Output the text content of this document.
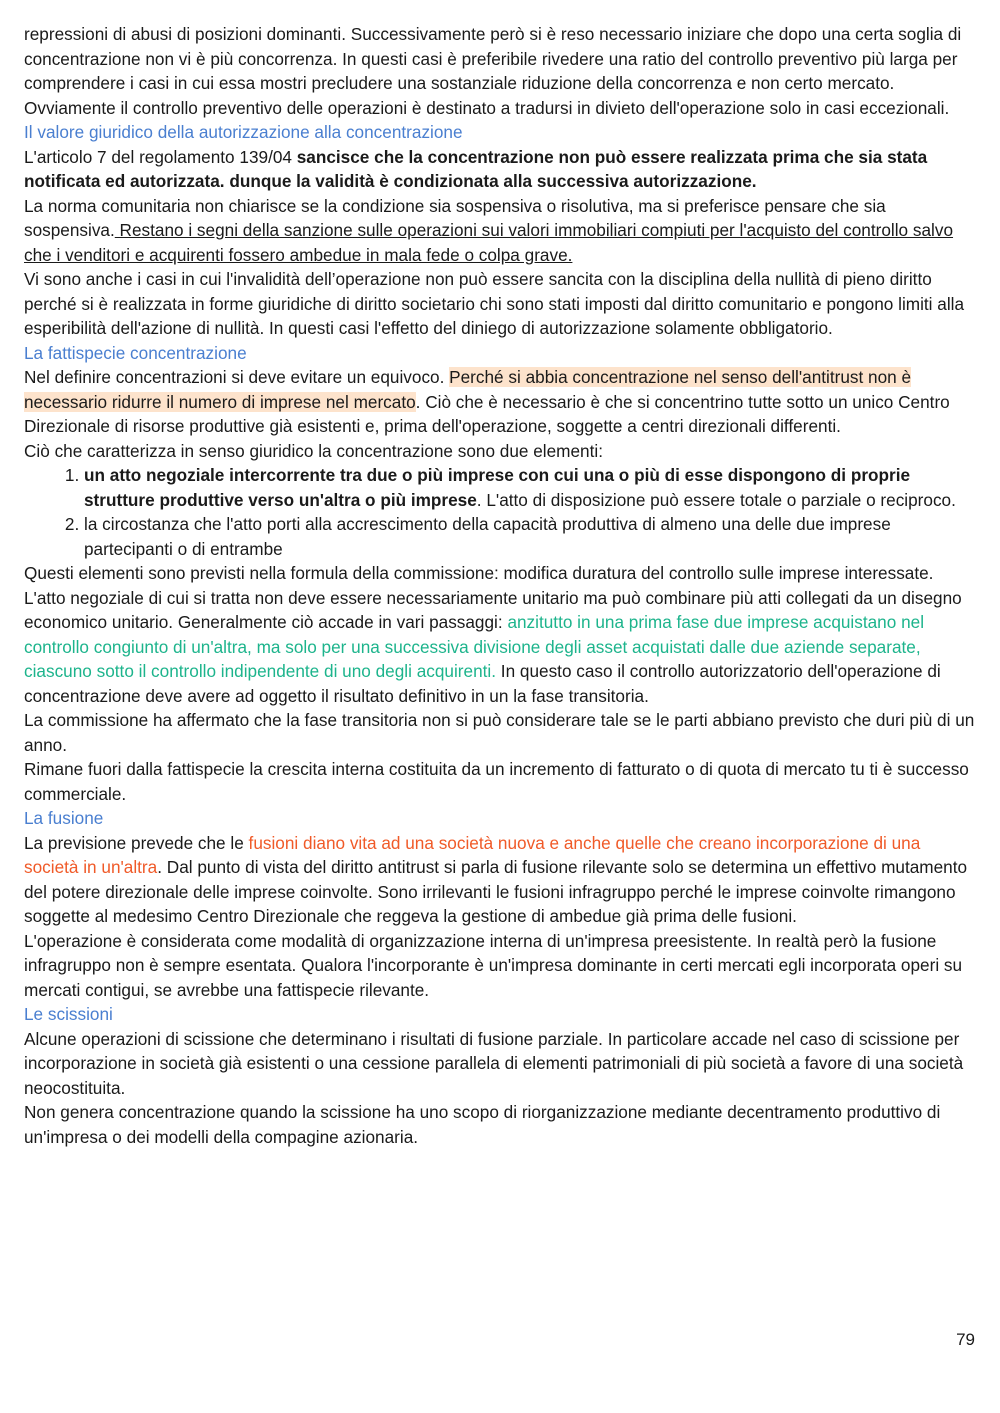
repressioni di abusi di posizioni dominanti. Successivamente però si è reso necessario iniziare che dopo una certa soglia di concentrazione non vi è più concorrenza. In questi casi è preferibile rivedere una ratio del controllo preventivo più larga per comprendere i casi in cui essa mostri precludere una sostanziale riduzione della concorrenza e non certo mercato.

Ovviamente il controllo preventivo delle operazioni è destinato a tradursi in divieto dell'operazione solo in casi eccezionali.

Il valore giuridico della autorizzazione alla concentrazione

L'articolo 7 del regolamento 139/04 sancisce che la concentrazione non può essere realizzata prima che sia stata notificata ed autorizzata. dunque la validità è condizionata alla successiva autorizzazione.

La norma comunitaria non chiarisce se la condizione sia sospensiva o risolutiva, ma si preferisce pensare che sia sospensiva. Restano i segni della sanzione sulle operazioni sui valori immobiliari compiuti per l'acquisto del controllo salvo che i venditori e acquirenti fossero ambedue in mala fede o colpa grave.

Vi sono anche i casi in cui l'invalidità dell’operazione non può essere sancita con la disciplina della nullità di pieno diritto perché si è realizzata in forme giuridiche di diritto societario chi sono stati imposti dal diritto comunitario e pongono limiti alla esperibilità dell'azione di nullità. In questi casi l'effetto del diniego di autorizzazione solamente obbligatorio.

La fattispecie concentrazione

Nel definire concentrazioni si deve evitare un equivoco. Perché si abbia concentrazione nel senso dell'antitrust non è necessario ridurre il numero di imprese nel mercato. Ciò che è necessario è che si concentrino tutte sotto un unico Centro Direzionale di risorse produttive già esistenti e, prima dell'operazione, soggette a centri direzionali differenti.

Ciò che caratterizza in senso giuridico la concentrazione sono due elementi:

1. un atto negoziale intercorrente tra due o più imprese con cui una o più di esse dispongono di proprie strutture produttive verso un'altra o più imprese. L'atto di disposizione può essere totale o parziale o reciproco.
2. la circostanza che l'atto porti alla accrescimento della capacità produttiva di almeno una delle due imprese partecipanti o di entrambe

Questi elementi sono previsti nella formula della commissione: modifica duratura del controllo sulle imprese interessate.

L'atto negoziale di cui si tratta non deve essere necessariamente unitario ma può combinare più atti collegati da un disegno economico unitario. Generalmente ciò accade in vari passaggi: anzitutto in una prima fase due imprese acquistano nel controllo congiunto di un'altra, ma solo per una successiva divisione degli asset acquistati dalle due aziende separate, ciascuno sotto il controllo indipendente di uno degli acquirenti. In questo caso il controllo autorizzatorio dell'operazione di concentrazione deve avere ad oggetto il risultato definitivo in un la fase transitoria.

La commissione ha affermato che la fase transitoria non si può considerare tale se le parti abbiano previsto che duri più di un anno.

Rimane fuori dalla fattispecie la crescita interna costituita da un incremento di fatturato o di quota di mercato tu ti è successo commerciale.

La fusione

La previsione prevede che le fusioni diano vita ad una società nuova e anche quelle che creano incorporazione di una società in un'altra. Dal punto di vista del diritto antitrust si parla di fusione rilevante solo se determina un effettivo mutamento del potere direzionale delle imprese coinvolte. Sono irrilevanti le fusioni infragruppo perché le imprese coinvolte rimangono soggette al medesimo Centro Direzionale che reggeva la gestione di ambedue già prima delle fusioni.

L'operazione è considerata come modalità di organizzazione interna di un'impresa preesistente. In realtà però la fusione infragruppo non è sempre esentata. Qualora l'incorporante è un'impresa dominante in certi mercati egli incorporata operi su mercati contigui, se avrebbe una fattispecie rilevante.

Le scissioni

Alcune operazioni di scissione che determinano i risultati di fusione parziale. In particolare accade nel caso di scissione per incorporazione in società già esistenti o una cessione parallela di elementi patrimoniali di più società a favore di una società neocostituita.

Non genera concentrazione quando la scissione ha uno scopo di riorganizzazione mediante decentramento produttivo di un'impresa o dei modelli della compagine azionaria.

79
